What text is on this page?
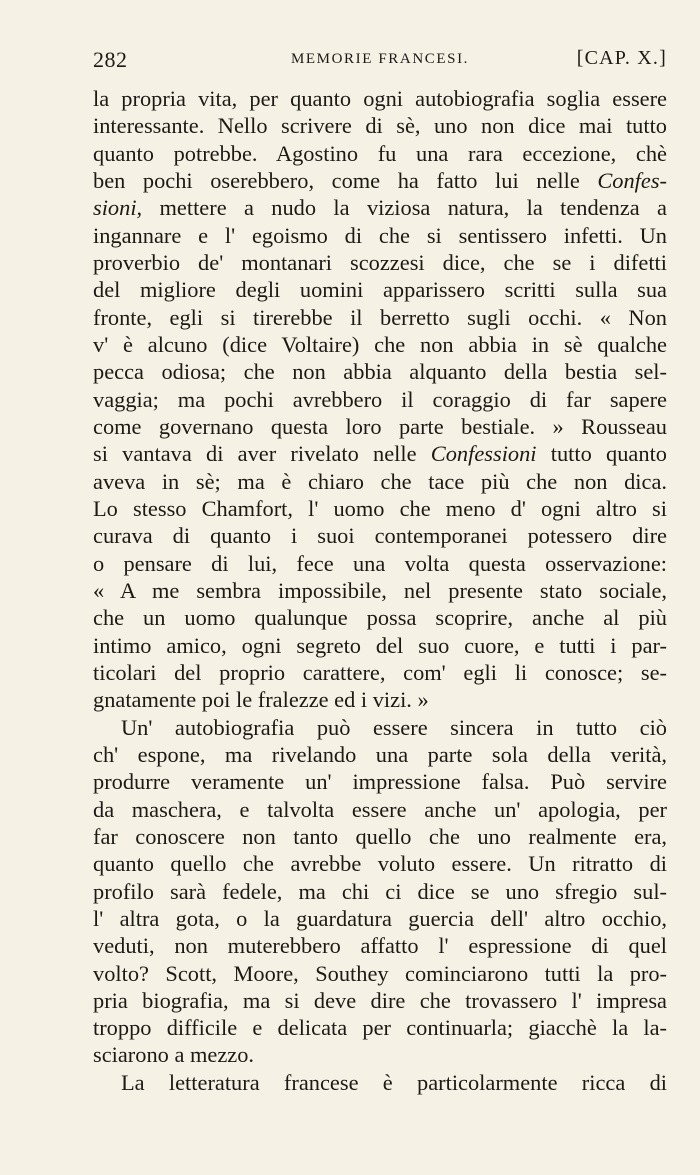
282	MEMORIE FRANCESI.	[CAP. X.]
la propria vita, per quanto ogni autobiografia soglia essere
interessante. Nello scrivere di sè, uno non dice mai tutto
quanto potrebbe. Agostino fu una rara eccezione, chè
ben pochi oserebbero, come ha fatto lui nelle Confes-
sioni, mettere a nudo la viziosa natura, la tendenza a
ingannare e l' egoismo di che si sentissero infetti. Un
proverbio de' montanari scozzesi dice, che se i difetti
del migliore degli uomini apparissero scritti sulla sua
fronte, egli si tirerebbe il berretto sugli occhi. « Non
v' è alcuno (dice Voltaire) che non abbia in sè qualche
pecca odiosa; che non abbia alquanto della bestia sel-
vaggia; ma pochi avrebbero il coraggio di far sapere
come governano questa loro parte bestiale. » Rousseau
si vantava di aver rivelato nelle Confessioni tutto quanto
aveva in sè; ma è chiaro che tace più che non dica.
Lo stesso Chamfort, l' uomo che meno d' ogni altro si
curava di quanto i suoi contemporanei potessero dire
o pensare di lui, fece una volta questa osservazione:
« A me sembra impossibile, nel presente stato sociale,
che un uomo qualunque possa scoprire, anche al più
intimo amico, ogni segreto del suo cuore, e tutti i par-
ticolari del proprio carattere, com' egli li conosce; se-
gnatamente poi le fralezze ed i vizi. »
Un' autobiografia può essere sincera in tutto ciò
ch' espone, ma rivelando una parte sola della verità,
produrre veramente un' impressione falsa. Può servire
da maschera, e talvolta essere anche un' apologia, per
far conoscere non tanto quello che uno realmente era,
quanto quello che avrebbe voluto essere. Un ritratto di
profilo sarà fedele, ma chi ci dice se uno sfregio sul-
l' altra gota, o la guardatura guercia dell' altro occhio,
veduti, non muterebbero affatto l' espressione di quel
volto? Scott, Moore, Southey cominciarono tutti la pro-
pria biografia, ma si deve dire che trovassero l' impresa
troppo difficile e delicata per continuarla; giacchè la la-
sciarono a mezzo.
La letteratura francese è particolarmente ricca di
